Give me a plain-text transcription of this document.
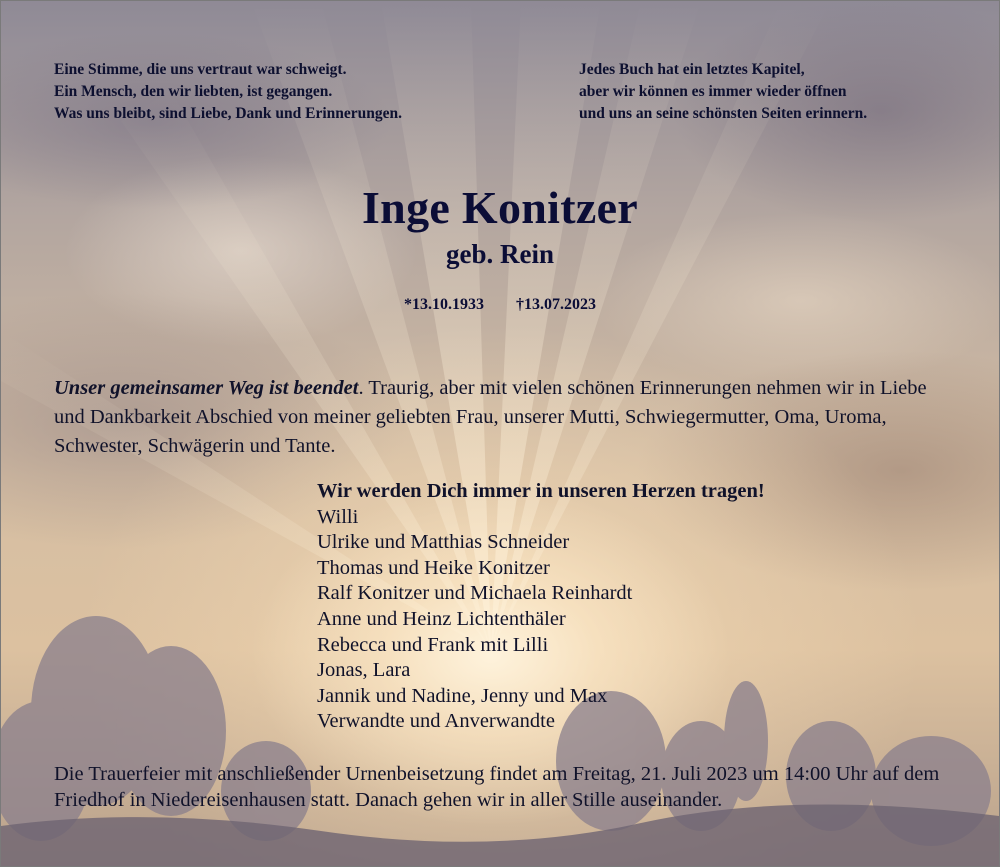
Eine Stimme, die uns vertraut war schweigt.
Ein Mensch, den wir liebten, ist gegangen.
Was uns bleibt, sind Liebe, Dank und Erinnerungen.
Jedes Buch hat ein letztes Kapitel,
aber wir können es immer wieder öffnen
und uns an seine schönsten Seiten erinnern.
Inge Konitzer
geb. Rein
*13.10.1933 †13.07.2023
Unser gemeinsamer Weg ist beendet. Traurig, aber mit vielen schönen Erinnerungen nehmen wir in Liebe und Dankbarkeit Abschied von meiner geliebten Frau, unserer Mutti, Schwiegermutter, Oma, Uroma, Schwester, Schwägerin und Tante.
Wir werden Dich immer in unseren Herzen tragen!
Willi
Ulrike und Matthias Schneider
Thomas und Heike Konitzer
Ralf Konitzer und Michaela Reinhardt
Anne und Heinz Lichtenthäler
Rebecca und Frank mit Lilli
Jonas, Lara
Jannik und Nadine, Jenny und Max
Verwandte und Anverwandte
Die Trauerfeier mit anschließender Urnenbeisetzung findet am Freitag, 21. Juli 2023 um 14:00 Uhr auf dem Friedhof in Niedereisenhausen statt. Danach gehen wir in aller Stille auseinander.
